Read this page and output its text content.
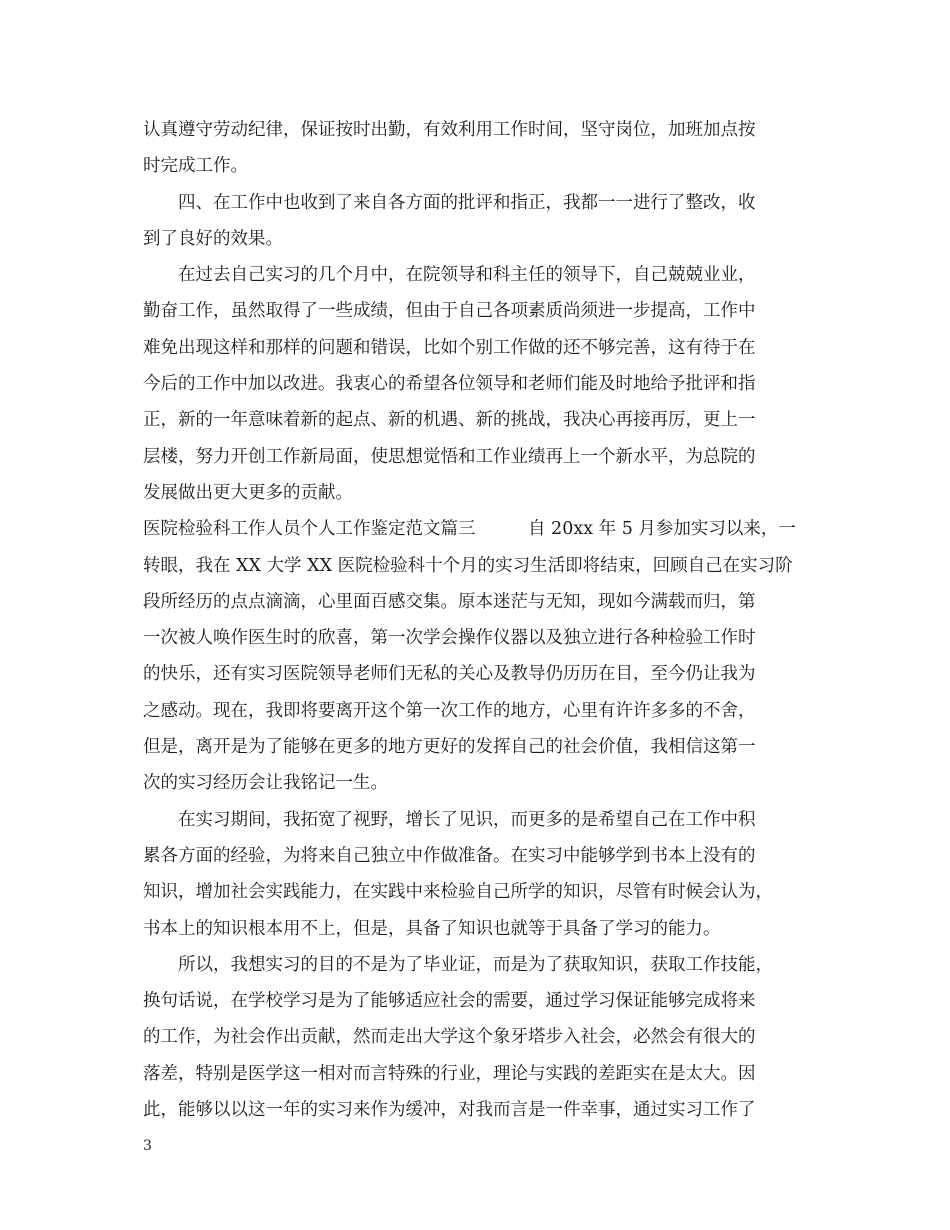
认真遵守劳动纪律，保证按时出勤，有效利用工作时间，坚守岗位，加班加点按
时完成工作。
　　四、在工作中也收到了来自各方面的批评和指正，我都一一进行了整改，收
到了良好的效果。
　　在过去自己实习的几个月中，在院领导和科主任的领导下，自己兢兢业业，
勤奋工作，虽然取得了一些成绩，但由于自己各项素质尚须进一步提高，工作中
难免出现这样和那样的问题和错误，比如个别工作做的还不够完善，这有待于在
今后的工作中加以改进。我衷心的希望各位领导和老师们能及时地给予批评和指
正，新的一年意味着新的起点、新的机遇、新的挑战，我决心再接再厉，更上一
层楼，努力开创工作新局面，使思想觉悟和工作业绩再上一个新水平，为总院的
发展做出更大更多的贡献。
医院检验科工作人员个人工作鉴定范文篇三　　　自 20xx 年 5 月参加实习以来，一
转眼，我在 XX 大学 XX 医院检验科十个月的实习生活即将结束，回顾自己在实习阶
段所经历的点点滴滴，心里面百感交集。原本迷茫与无知，现如今满载而归，第
一次被人唤作医生时的欣喜，第一次学会操作仪器以及独立进行各种检验工作时
的快乐，还有实习医院领导老师们无私的关心及教导仍历历在目，至今仍让我为
之感动。现在，我即将要离开这个第一次工作的地方，心里有许许多多的不舍，
但是，离开是为了能够在更多的地方更好的发挥自己的社会价值，我相信这第一
次的实习经历会让我铭记一生。
　　在实习期间，我拓宽了视野，增长了见识，而更多的是希望自己在工作中积
累各方面的经验，为将来自己独立中作做准备。在实习中能够学到书本上没有的
知识，增加社会实践能力，在实践中来检验自己所学的知识，尽管有时候会认为，
书本上的知识根本用不上，但是，具备了知识也就等于具备了学习的能力。
　　所以，我想实习的目的不是为了毕业证，而是为了获取知识，获取工作技能，
换句话说，在学校学习是为了能够适应社会的需要，通过学习保证能够完成将来
的工作，为社会作出贡献，然而走出大学这个象牙塔步入社会，必然会有很大的
落差，特别是医学这一相对而言特殊的行业，理论与实践的差距实在是太大。因
此，能够以以这一年的实习来作为缓冲，对我而言是一件幸事，通过实习工作了
3
